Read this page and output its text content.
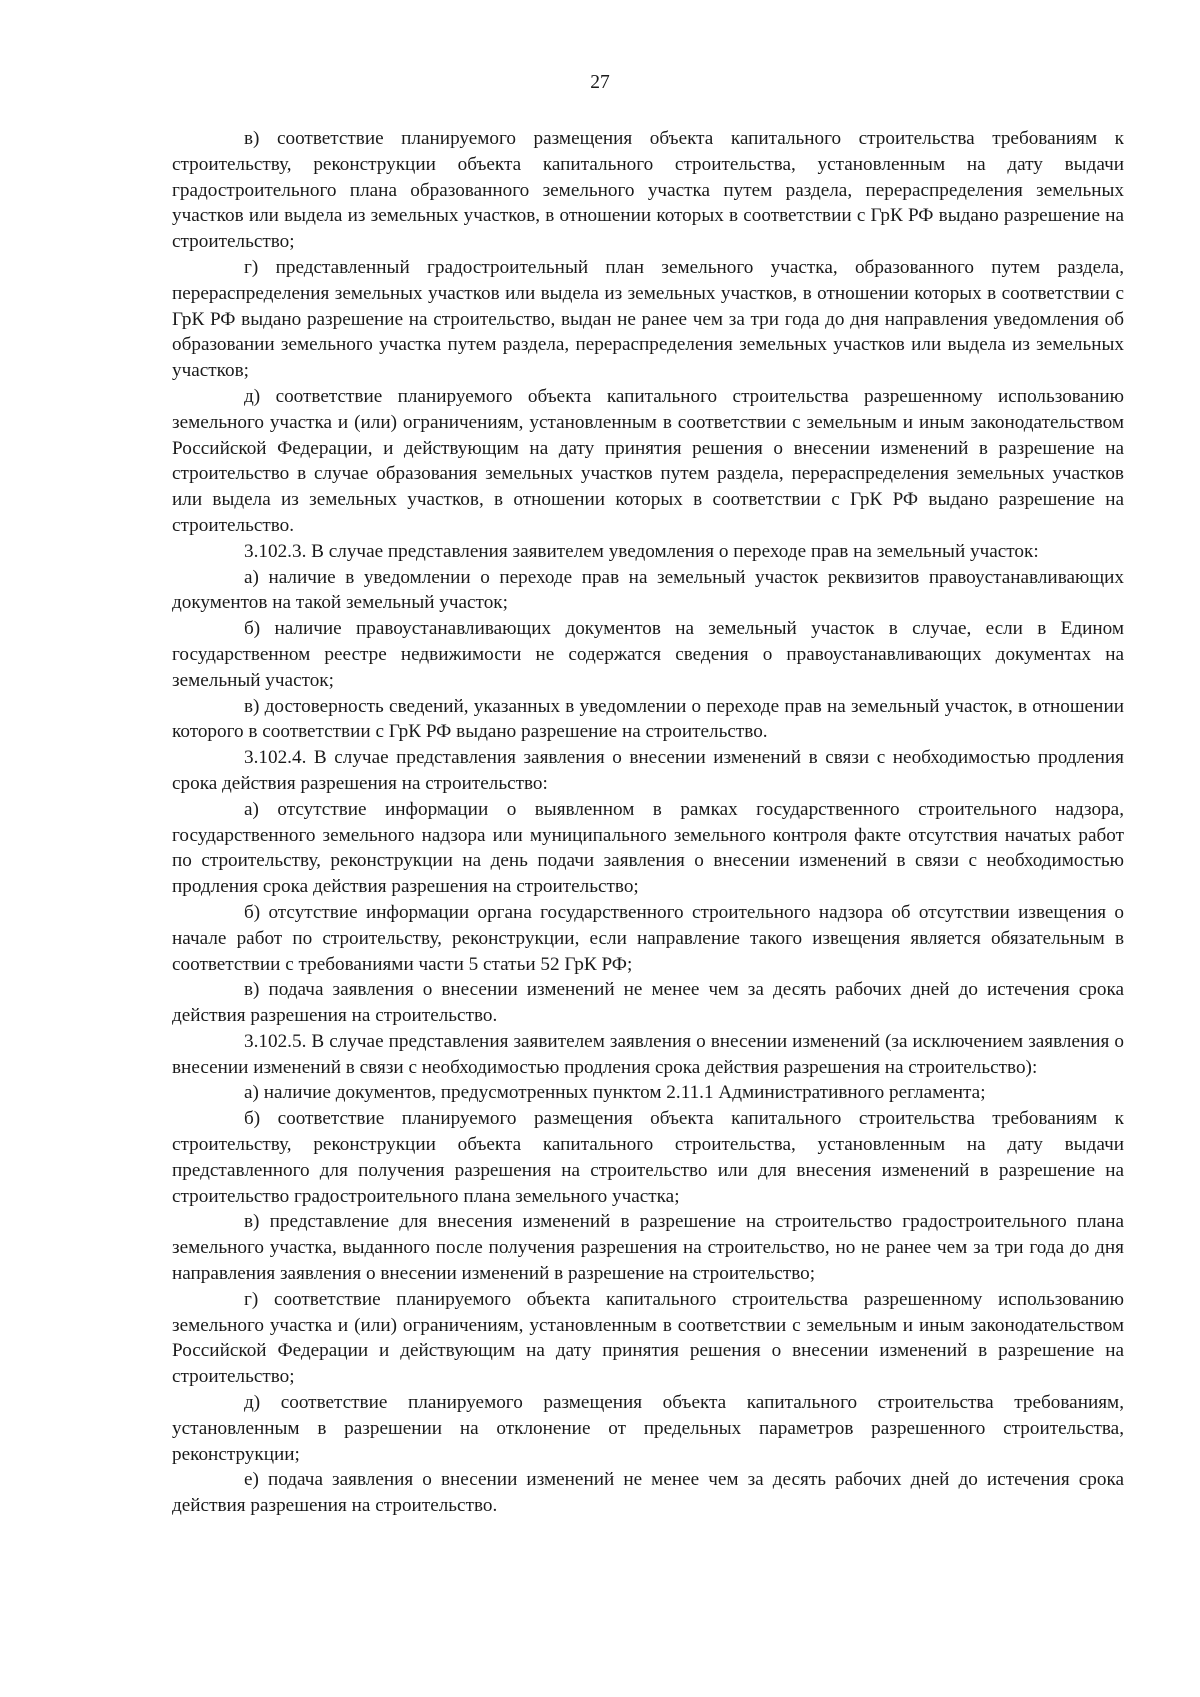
27

в) соответствие планируемого размещения объекта капитального строительства требованиям к строительству, реконструкции объекта капитального строительства, установленным на дату выдачи градостроительного плана образованного земельного участка путем раздела, перераспределения земельных участков или выдела из земельных участков, в отношении которых в соответствии с ГрК РФ выдано разрешение на строительство;

г) представленный градостроительный план земельного участка, образованного путем раздела, перераспределения земельных участков или выдела из земельных участков, в отношении которых в соответствии с ГрК РФ выдано разрешение на строительство, выдан не ранее чем за три года до дня направления уведомления об образовании земельного участка путем раздела, перераспределения земельных участков или выдела из земельных участков;

д) соответствие планируемого объекта капитального строительства разрешенному использованию земельного участка и (или) ограничениям, установленным в соответствии с земельным и иным законодательством Российской Федерации, и действующим на дату принятия решения о внесении изменений в разрешение на строительство в случае образования земельных участков путем раздела, перераспределения земельных участков или выдела из земельных участков, в отношении которых в соответствии с ГрК РФ выдано разрешение на строительство.

3.102.3. В случае представления заявителем уведомления о переходе прав на земельный участок:

а) наличие в уведомлении о переходе прав на земельный участок реквизитов правоустанавливающих документов на такой земельный участок;

б) наличие правоустанавливающих документов на земельный участок в случае, если в Едином государственном реестре недвижимости не содержатся сведения о правоустанавливающих документах на земельный участок;

в) достоверность сведений, указанных в уведомлении о переходе прав на земельный участок, в отношении которого в соответствии с ГрК РФ выдано разрешение на строительство.

3.102.4. В случае представления заявления о внесении изменений в связи с необходимостью продления срока действия разрешения на строительство:

а) отсутствие информации о выявленном в рамках государственного строительного надзора, государственного земельного надзора или муниципального земельного контроля факте отсутствия начатых работ по строительству, реконструкции на день подачи заявления о внесении изменений в связи с необходимостью продления срока действия разрешения на строительство;

б) отсутствие информации органа государственного строительного надзора об отсутствии извещения о начале работ по строительству, реконструкции, если направление такого извещения является обязательным в соответствии с требованиями части 5 статьи 52 ГрК РФ;

в) подача заявления о внесении изменений не менее чем за десять рабочих дней до истечения срока действия разрешения на строительство.

3.102.5. В случае представления заявителем заявления о внесении изменений (за исключением заявления о внесении изменений в связи с необходимостью продления срока действия разрешения на строительство):

а) наличие документов, предусмотренных пунктом 2.11.1 Административного регламента;

б) соответствие планируемого размещения объекта капитального строительства требованиям к строительству, реконструкции объекта капитального строительства, установленным на дату выдачи представленного для получения разрешения на строительство или для внесения изменений в разрешение на строительство градостроительного плана земельного участка;

в) представление для внесения изменений в разрешение на строительство градостроительного плана земельного участка, выданного после получения разрешения на строительство, но не ранее чем за три года до дня направления заявления о внесении изменений в разрешение на строительство;

г) соответствие планируемого объекта капитального строительства разрешенному использованию земельного участка и (или) ограничениям, установленным в соответствии с земельным и иным законодательством Российской Федерации и действующим на дату принятия решения о внесении изменений в разрешение на строительство;

д) соответствие планируемого размещения объекта капитального строительства требованиям, установленным в разрешении на отклонение от предельных параметров разрешенного строительства, реконструкции;

е) подача заявления о внесении изменений не менее чем за десять рабочих дней до истечения срока действия разрешения на строительство.
